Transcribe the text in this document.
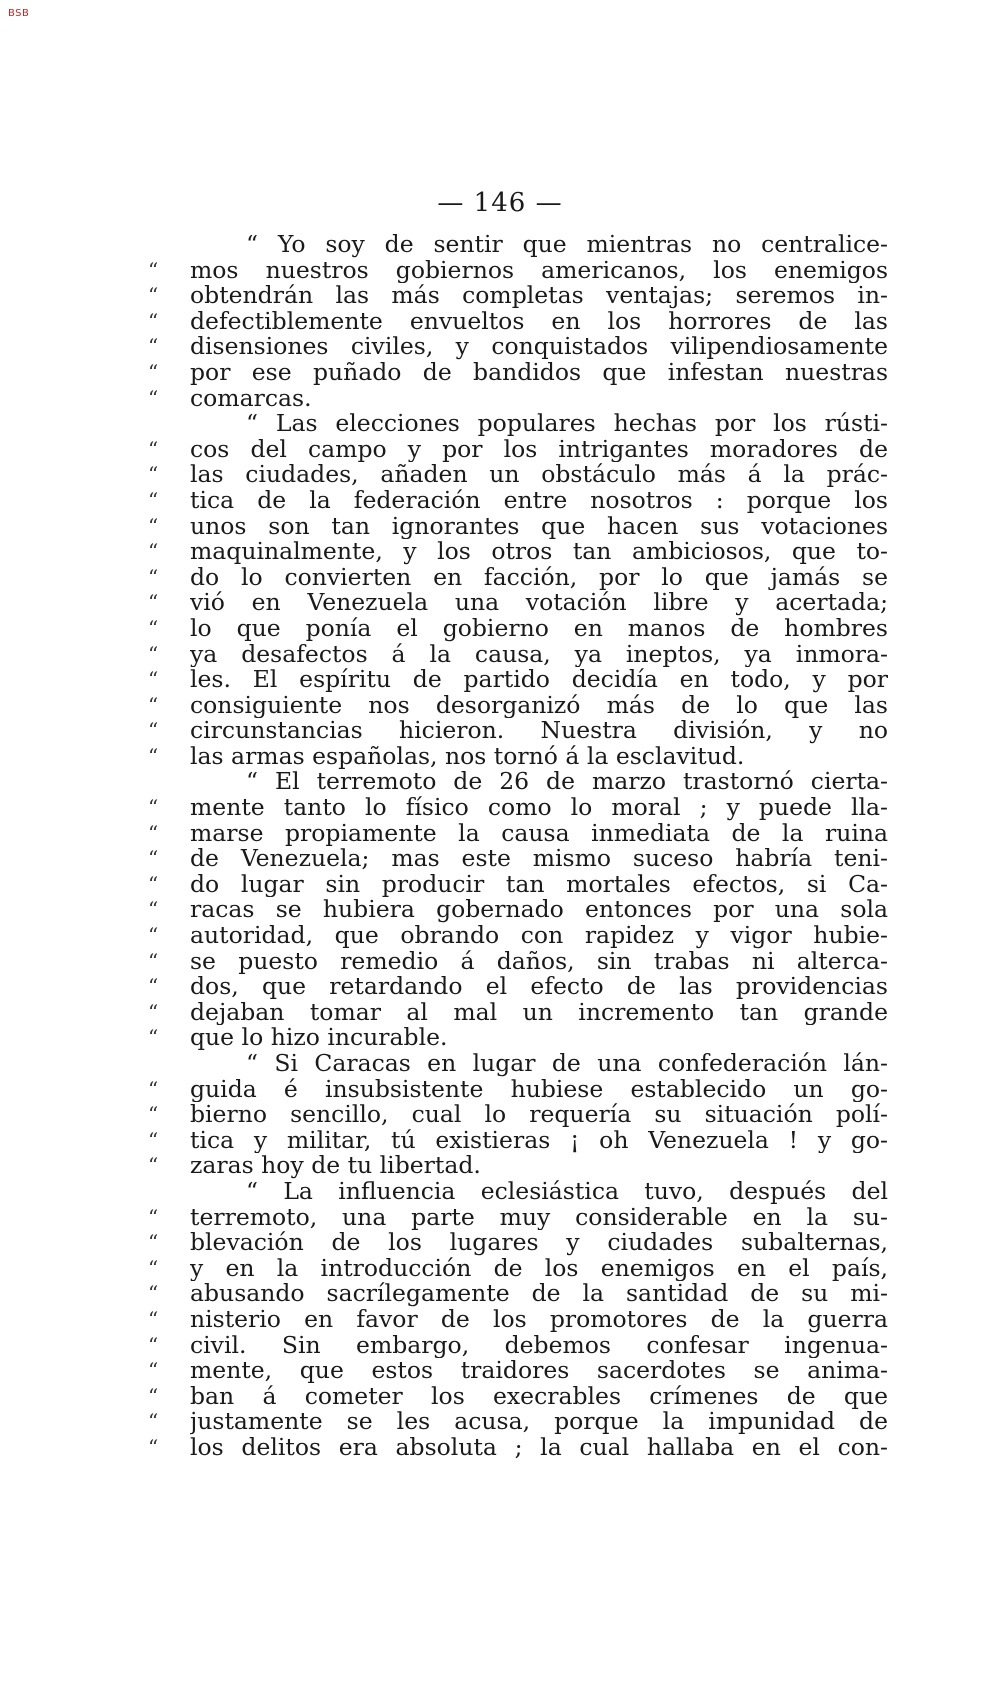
BSB
— 146 —
“ Yo soy de sentir que mientras no centralice-
“	mos nuestros gobiernos americanos, los enemigos
“	obtendrán las más completas ventajas; seremos in-
“	defectiblemente envueltos en los horrores de las
“	disensiones civiles, y conquistados vilipendiosamente
“	por ese puñado de bandidos que infestan nuestras
“	comarcas.
“ Las elecciones populares hechas por los rústi-
“	cos del campo y por los intrigantes moradores de
“	las ciudades, añaden un obstáculo más á la prác-
“	tica de la federación entre nosotros : porque los
“	unos son tan ignorantes que hacen sus votaciones
“	maquinalmente, y los otros tan ambiciosos, que to-
“	do lo convierten en facción, por lo que jamás se
“	vió en Venezuela una votación libre y acertada;
“	lo que ponía el gobierno en manos de hombres
“	ya desafectos á la causa, ya ineptos, ya inmora-
“	les. El espíritu de partido decidía en todo, y por
“	consiguiente nos desorganizó más de lo que las
“	circunstancias hicieron. Nuestra división, y no
“	las armas españolas, nos tornó á la esclavitud.
“ El terremoto de 26 de marzo trastornó cierta-
“	mente tanto lo físico como lo moral ; y puede lla-
“	marse propiamente la causa inmediata de la ruina
“	de Venezuela; mas este mismo suceso habría teni-
“	do lugar sin producir tan mortales efectos, si Ca-
“	racas se hubiera gobernado entonces por una sola
“	autoridad, que obrando con rapidez y vigor hubie-
“	se puesto remedio á daños, sin trabas ni alterca-
“	dos, que retardando el efecto de las providencias
“	dejaban tomar al mal un incremento tan grande
“	que lo hizo incurable.
“ Si Caracas en lugar de una confederación lán-
“	guida é insubsistente hubiese establecido un go-
“	bierno sencillo, cual lo requería su situación polí-
“	tica y militar, tú existieras ¡ oh Venezuela ! y go-
“	zaras hoy de tu libertad.
“ La influencia eclesiástica tuvo, después del
“	terremoto, una parte muy considerable en la su-
“	blevación de los lugares y ciudades subalternas,
“	y en la introducción de los enemigos en el país,
“	abusando sacrílegamente de la santidad de su mi-
“	nisterio en favor de los promotores de la guerra
“	civil. Sin embargo, debemos confesar ingenua-
“	mente, que estos traidores sacerdotes se anima-
“	ban á cometer los execrables crímenes de que
“	justamente se les acusa, porque la impunidad de
“	los delitos era absoluta ; la cual hallaba en el con-
